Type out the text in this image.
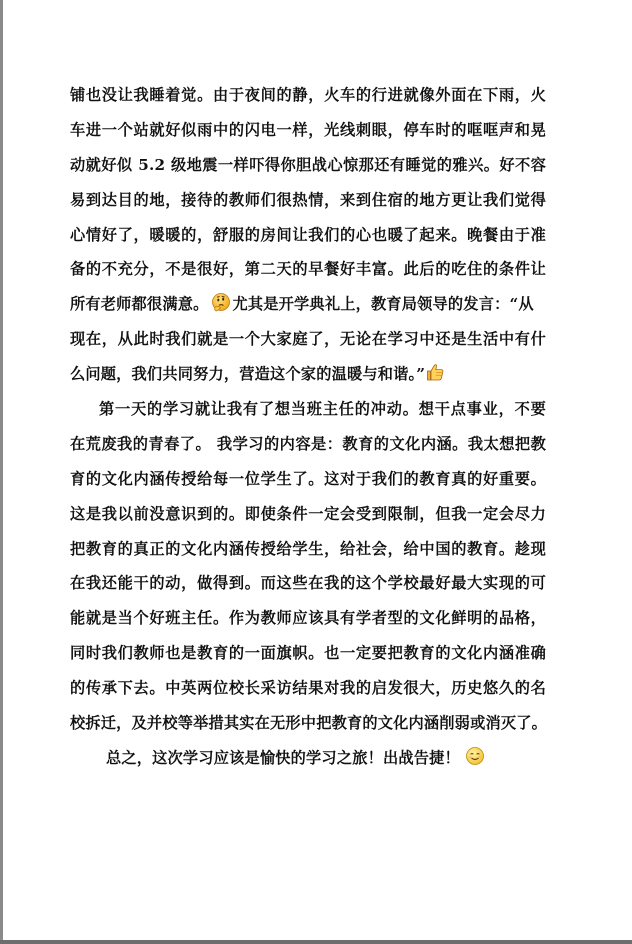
铺也没让我睡着觉。由于夜间的静，火车的行进就像外面在下雨，火
车进一个站就好似雨中的闪电一样，光线刺眼，停车时的哐哐声和晃
动就好似 5.2 级地震一样吓得你胆战心惊那还有睡觉的雅兴。好不容
易到达目的地，接待的教师们很热情，来到住宿的地方更让我们觉得
心情好了，暖暖的，舒服的房间让我们的心也暖了起来。晚餐由于准
备的不充分，不是很好，第二天的早餐好丰富。此后的吃住的条件让
所有老师都很满意。 尤其是开学典礼上，教育局领导的发言：“从
现在，从此时我们就是一个大家庭了，无论在学习中还是生活中有什
么问题，我们共同努力，营造这个家的温暖与和谐。”
第一天的学习就让我有了想当班主任的冲动。想干点事业，不要
在荒废我的青春了。 我学习的内容是：教育的文化内涵。我太想把教
育的文化内涵传授给每一位学生了。这对于我们的教育真的好重要。
这是我以前没意识到的。即使条件一定会受到限制，但我一定会尽力
把教育的真正的文化内涵传授给学生，给社会，给中国的教育。趁现
在我还能干的动，做得到。而这些在我的这个学校最好最大实现的可
能就是当个好班主任。作为教师应该具有学者型的文化鲜明的品格，
同时我们教师也是教育的一面旗帜。也一定要把教育的文化内涵准确
的传承下去。中英两位校长采访结果对我的启发很大，历史悠久的名
校拆迁，及并校等举措其实在无形中把教育的文化内涵削弱或消灭了。
总之，这次学习应该是愉快的学习之旅！出战告捷！
